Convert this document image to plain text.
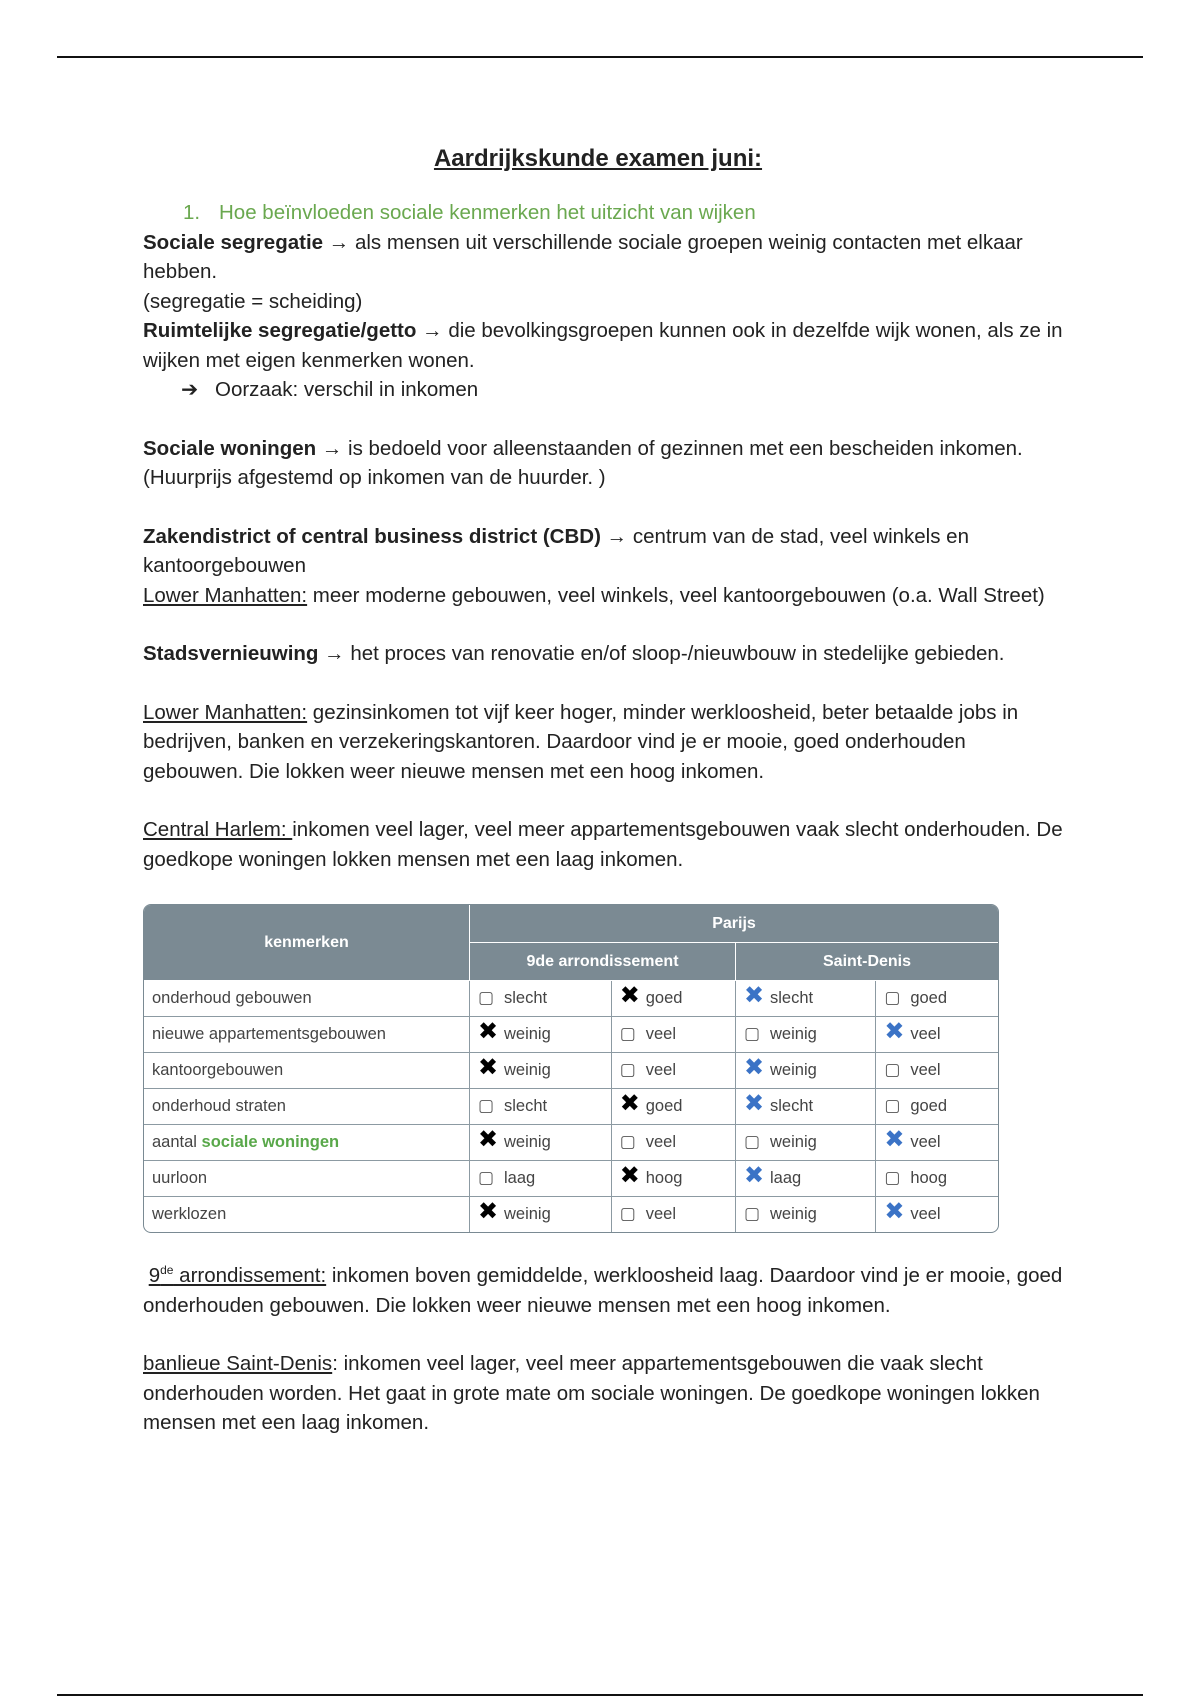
Aardrijkskunde examen juni:

1. Hoe beïnvloeden sociale kenmerken het uitzicht van wijken

Sociale segregatie → als mensen uit verschillende sociale groepen weinig contacten met elkaar hebben.

(segregatie = scheiding)

Ruimtelijke segregatie/getto → die bevolkingsgroepen kunnen ook in dezelfde wijk wonen, als ze in wijken met eigen kenmerken wonen.

➔ Oorzaak: verschil in inkomen

Sociale woningen → is bedoeld voor alleenstaanden of gezinnen met een bescheiden inkomen. (Huurprijs afgestemd op inkomen van de huurder. )

Zakendistrict of central business district (CBD) → centrum van de stad, veel winkels en kantoorgebouwen

Lower Manhatten: meer moderne gebouwen, veel winkels, veel kantoorgebouwen (o.a. Wall Street)

Stadsvernieuwing → het proces van renovatie en/of sloop-/nieuwbouw in stedelijke gebieden.

Lower Manhatten: gezinsinkomen tot vijf keer hoger, minder werkloosheid, beter betaalde jobs in bedrijven, banken en verzekeringskantoren. Daardoor vind je er mooie, goed onderhouden gebouwen. Die lokken weer nieuwe mensen met een hoog inkomen.

Central Harlem: inkomen veel lager, veel meer appartementsgebouwen vaak slecht onderhouden. De goedkope woningen lokken mensen met een laag inkomen.

kenmerken	Parijs			
	9de arrondissement		Saint-Denis	
onderhoud gebouwen	▢ slecht	✖ goed	✖ slecht	▢ goed
nieuwe appartementsgebouwen	✖ weinig	▢ veel	▢ weinig	✖ veel
kantoorgebouwen	✖ weinig	▢ veel	✖ weinig	▢ veel
onderhoud straten	▢ slecht	✖ goed	✖ slecht	▢ goed
aantal sociale woningen	✖ weinig	▢ veel	▢ weinig	✖ veel
uurloon	▢ laag	✖ hoog	✖ laag	▢ hoog
werklozen	✖ weinig	▢ veel	▢ weinig	✖ veel

9de arrondissement: inkomen boven gemiddelde, werkloosheid laag. Daardoor vind je er mooie, goed onderhouden gebouwen. Die lokken weer nieuwe mensen met een hoog inkomen.

banlieue Saint-Denis: inkomen veel lager, veel meer appartementsgebouwen die vaak slecht onderhouden worden. Het gaat in grote mate om sociale woningen. De goedkope woningen lokken mensen met een laag inkomen.
